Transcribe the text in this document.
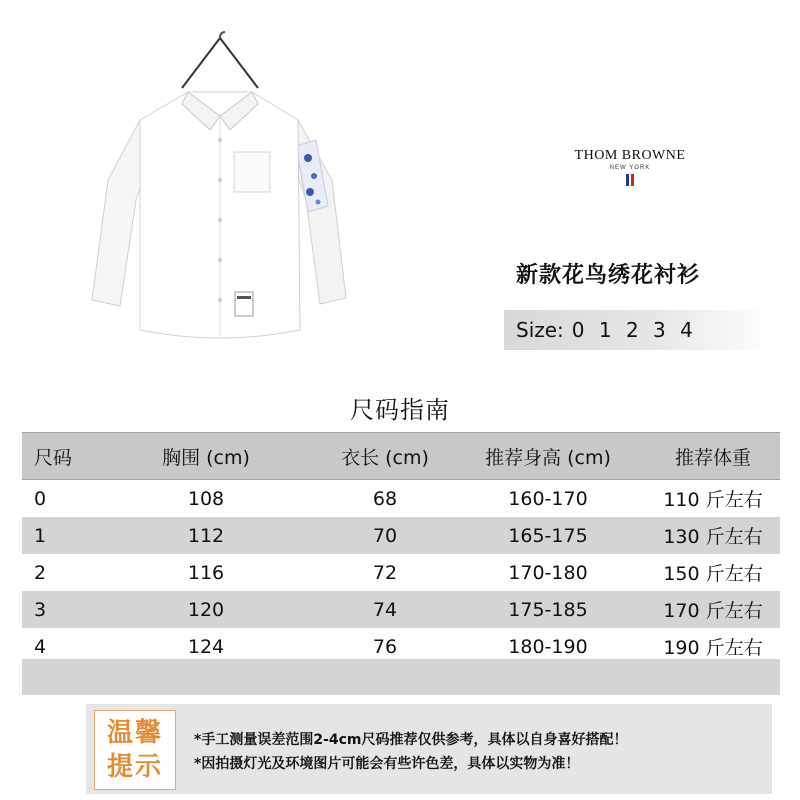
THOM BROWNE
NEW YORK
新款花鸟绣花衬衫
Size: 0 1 2 3 4
尺码指南
尺码	胸围 (cm)	衣长 (cm)	推荐身高 (cm)	推荐体重
0	108	68	160-170	110 斤左右
1	112	70	165-175	130 斤左右
2	116	72	170-180	150 斤左右
3	120	74	175-185	170 斤左右
4	124	76	180-190	190 斤左右
温馨
提示
*手工测量误差范围2-4cm尺码推荐仅供参考，具体以自身喜好搭配！
*因拍摄灯光及环境图片可能会有些许色差，具体以实物为准！
